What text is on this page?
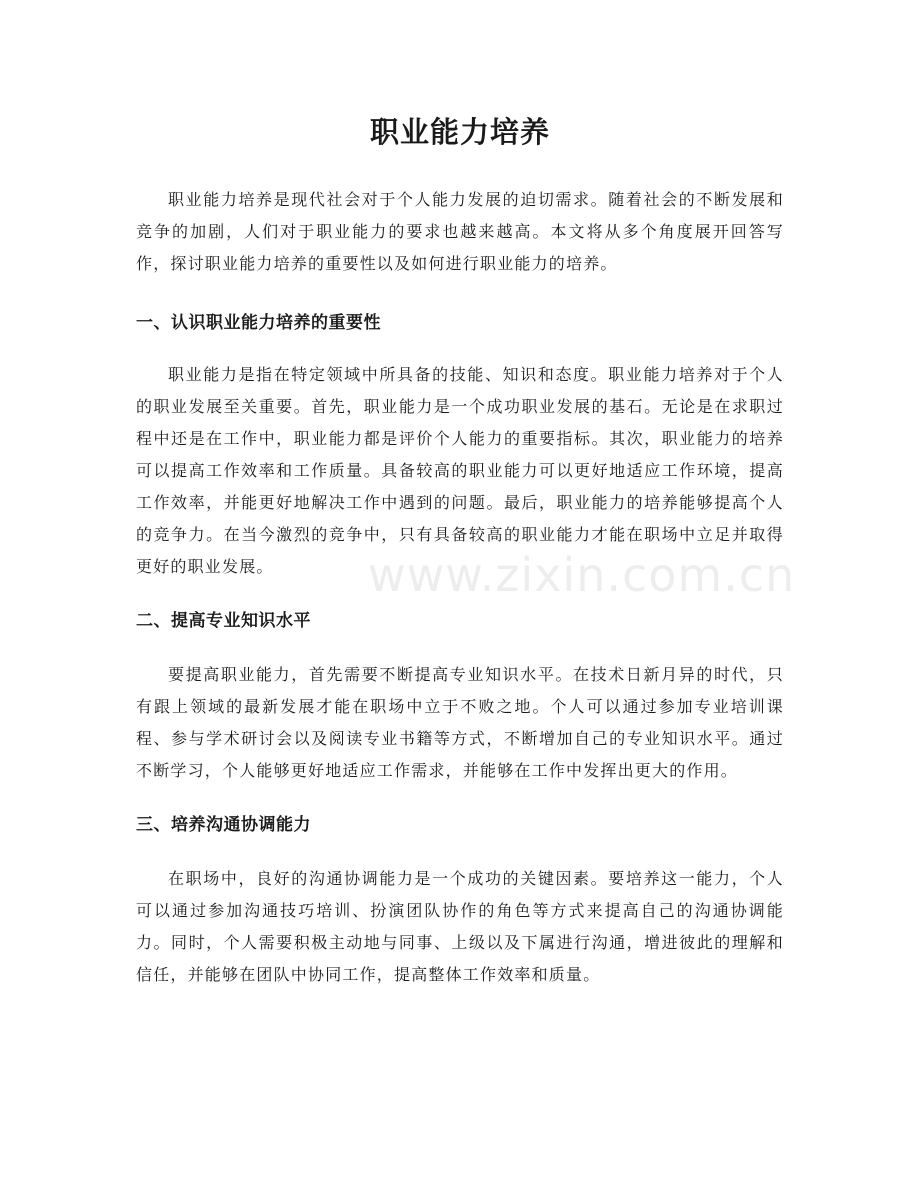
职业能力培养

职业能力培养是现代社会对于个人能力发展的迫切需求。随着社会的不断发展和竞争的加剧，人们对于职业能力的要求也越来越高。本文将从多个角度展开回答写作，探讨职业能力培养的重要性以及如何进行职业能力的培养。

一、认识职业能力培养的重要性

职业能力是指在特定领域中所具备的技能、知识和态度。职业能力培养对于个人的职业发展至关重要。首先，职业能力是一个成功职业发展的基石。无论是在求职过程中还是在工作中，职业能力都是评价个人能力的重要指标。其次，职业能力的培养可以提高工作效率和工作质量。具备较高的职业能力可以更好地适应工作环境，提高工作效率，并能更好地解决工作中遇到的问题。最后，职业能力的培养能够提高个人的竞争力。在当今激烈的竞争中，只有具备较高的职业能力才能在职场中立足并取得更好的职业发展。

二、提高专业知识水平

要提高职业能力，首先需要不断提高专业知识水平。在技术日新月异的时代，只有跟上领域的最新发展才能在职场中立于不败之地。个人可以通过参加专业培训课程、参与学术研讨会以及阅读专业书籍等方式，不断增加自己的专业知识水平。通过不断学习，个人能够更好地适应工作需求，并能够在工作中发挥出更大的作用。

三、培养沟通协调能力

在职场中，良好的沟通协调能力是一个成功的关键因素。要培养这一能力，个人可以通过参加沟通技巧培训、扮演团队协作的角色等方式来提高自己的沟通协调能力。同时，个人需要积极主动地与同事、上级以及下属进行沟通，增进彼此的理解和信任，并能够在团队中协同工作，提高整体工作效率和质量。

www.zixin.com.cn
